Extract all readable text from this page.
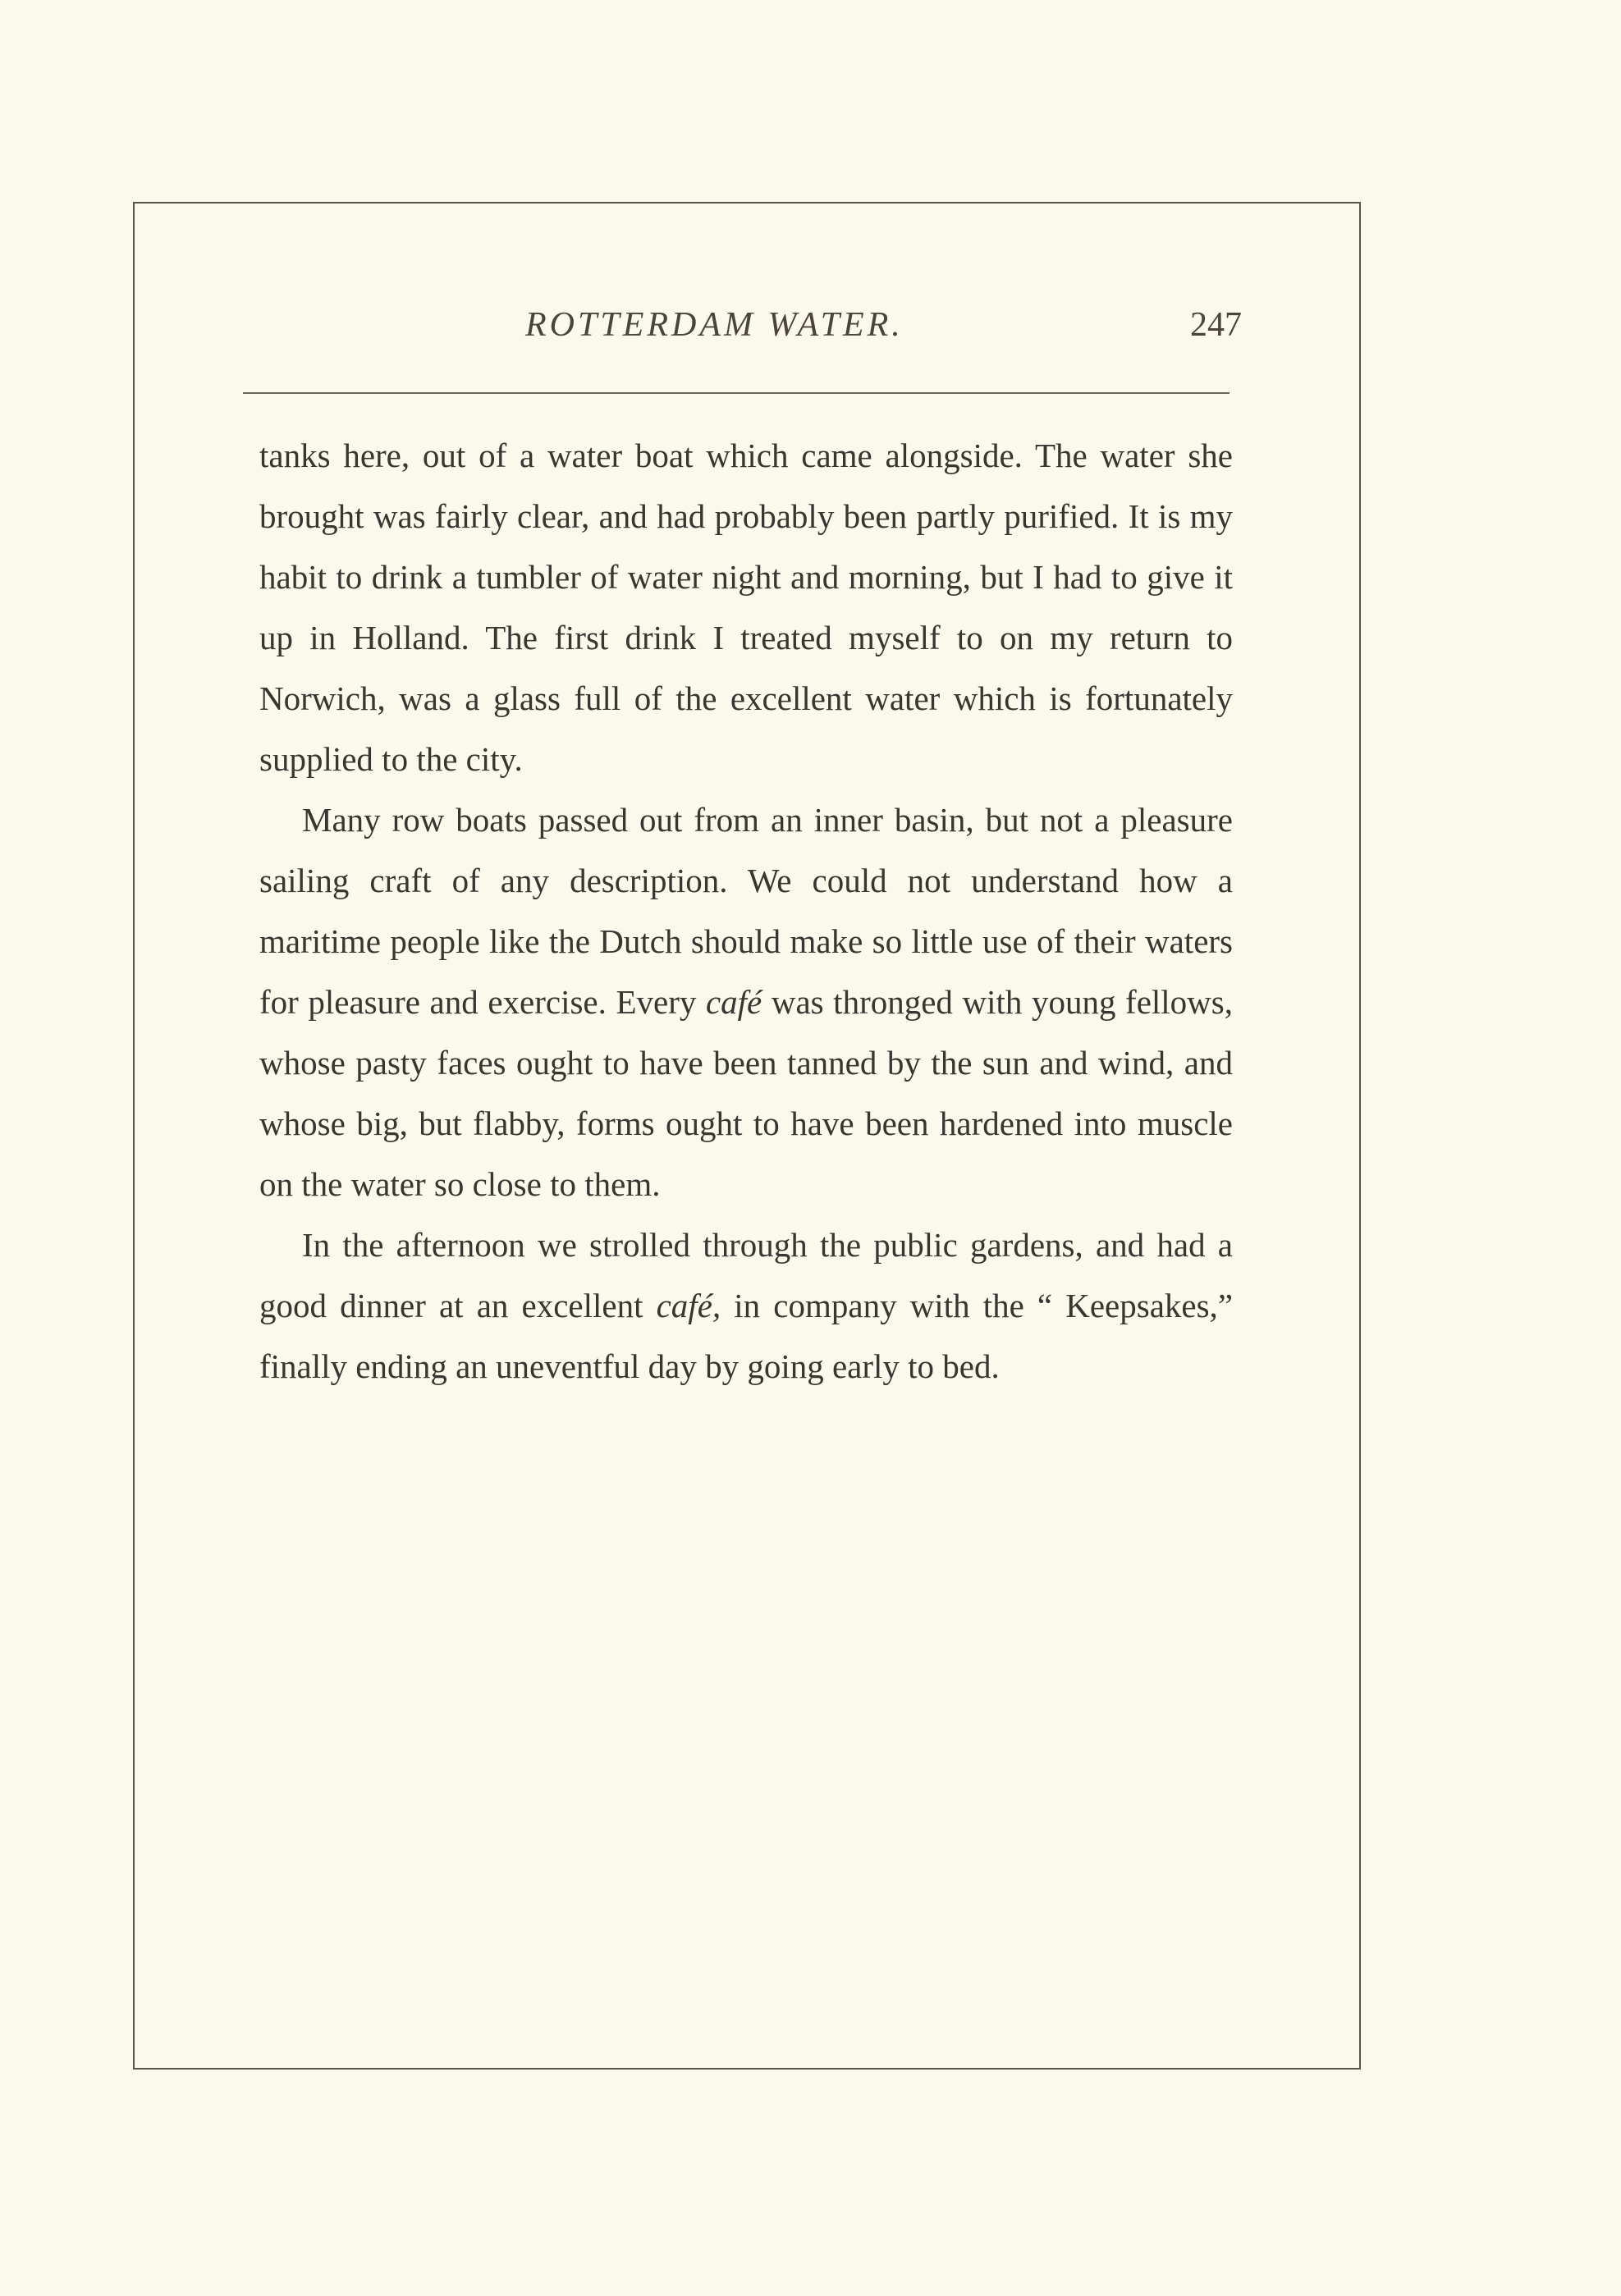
ROTTERDAM WATER.	247

tanks here, out of a water boat which came alongside. The water she brought was fairly clear, and had probably been partly purified. It is my habit to drink a tumbler of water night and morning, but I had to give it up in Holland. The first drink I treated myself to on my return to Norwich, was a glass full of the excellent water which is fortunately supplied to the city.

Many row boats passed out from an inner basin, but not a pleasure sailing craft of any description. We could not understand how a maritime people like the Dutch should make so little use of their waters for pleasure and exercise. Every café was thronged with young fellows, whose pasty faces ought to have been tanned by the sun and wind, and whose big, but flabby, forms ought to have been hardened into muscle on the water so close to them.

In the afternoon we strolled through the public gardens, and had a good dinner at an excellent café, in company with the “ Keepsakes,” finally ending an uneventful day by going early to bed.
